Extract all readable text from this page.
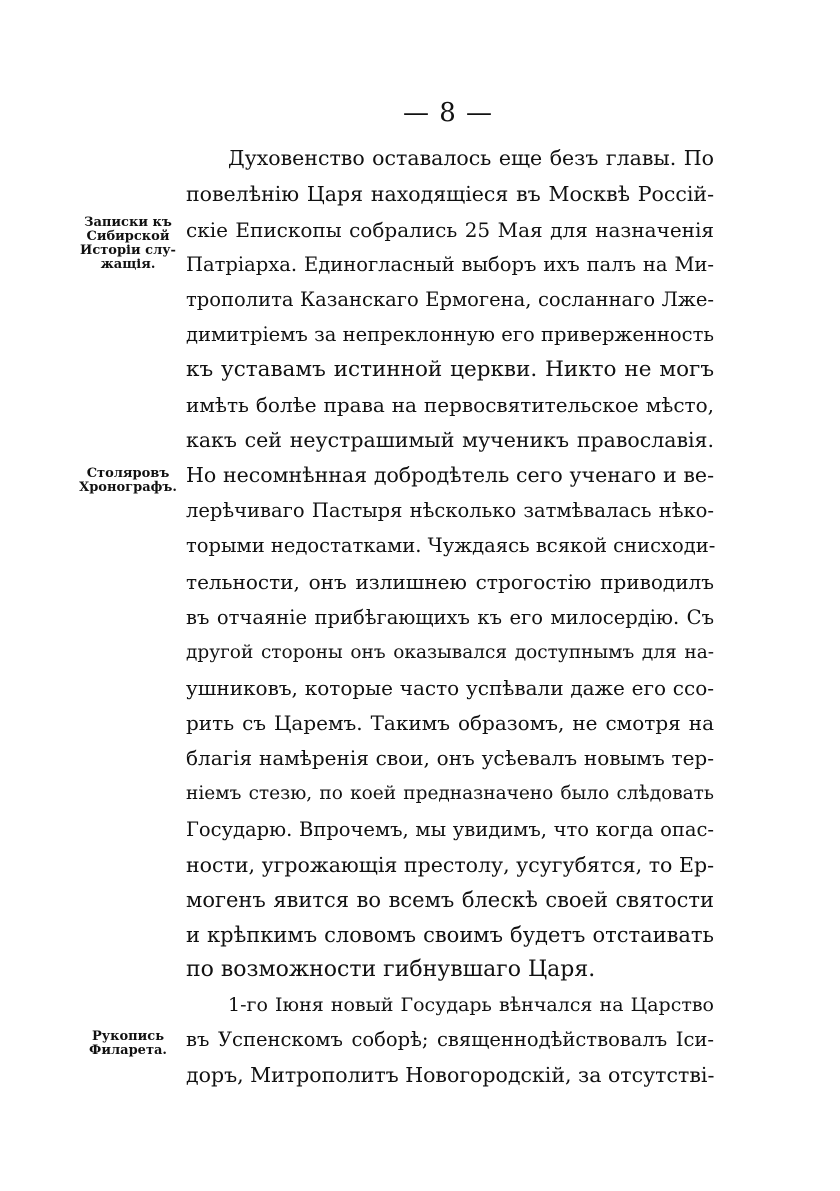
— 8 —
Духовенство оставалось еще безъ главы. По
повелѣнію Царя находящіеся въ Москвѣ Россій-
скіе Епископы собрались 25 Мая для назначенія
Патріарха. Единогласный выборъ ихъ палъ на Ми-
трополита Казанскаго Ермогена, сосланнаго Лже-
димитріемъ за непреклонную его приверженность
къ уставамъ истинной церкви. Никто не могъ
имѣть болѣе права на первосвятительское мѣсто,
какъ сей неустрашимый мученикъ православія.
Но несомнѣнная добродѣтель сего ученаго и ве-
лерѣчиваго Пастыря нѣсколько затмѣвалась нѣко-
торыми недостатками. Чуждаясь всякой снисходи-
тельности, онъ излишнею строгостію приводилъ
въ отчаяніе прибѣгающихъ къ его милосердію. Съ
другой стороны онъ оказывался доступнымъ для на-
ушниковъ, которые часто успѣвали даже его ссо-
рить съ Царемъ. Такимъ образомъ, не смотря на
благія намѣренія свои, онъ усѣевалъ новымъ тер-
ніемъ стезю, по коей предназначено было слѣдовать
Государю. Впрочемъ, мы увидимъ, что когда опас-
ности, угрожающія престолу, усугубятся, то Ер-
могенъ явится во всемъ блескѣ своей святости
и крѣпкимъ словомъ своимъ будетъ отстаивать
по возможности гибнувшаго Царя.
1-го Іюня новый Государь вѣнчался на Царство
въ Успенскомъ соборѣ; священнодѣйствовалъ Іси-
доръ, Митрополитъ Новогородскій, за отсутстві-
Записки къ
Сибирской
Исторіи слу-
жащія.
Столяровъ
Хронографъ.
Рукопись
Филарета.
